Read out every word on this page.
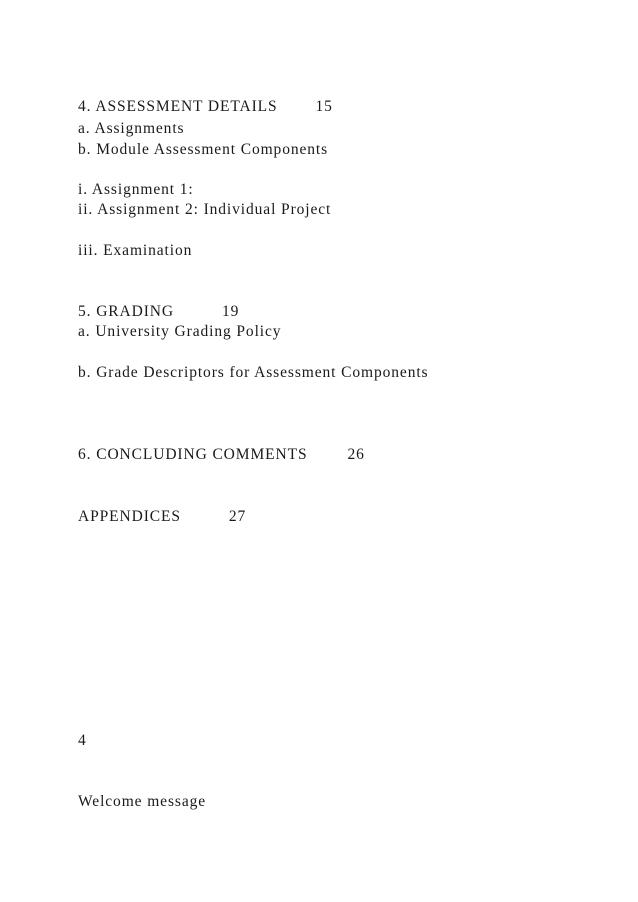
4. ASSESSMENT DETAILS 15
a. Assignments
b. Module Assessment Components
i. Assignment 1:
ii. Assignment 2: Individual Project
iii. Examination
5. GRADING	19
a. University Grading Policy
b. Grade Descriptors for Assessment Components
6. CONCLUDING COMMENTS	26
APPENDICES	27
4
Welcome message
